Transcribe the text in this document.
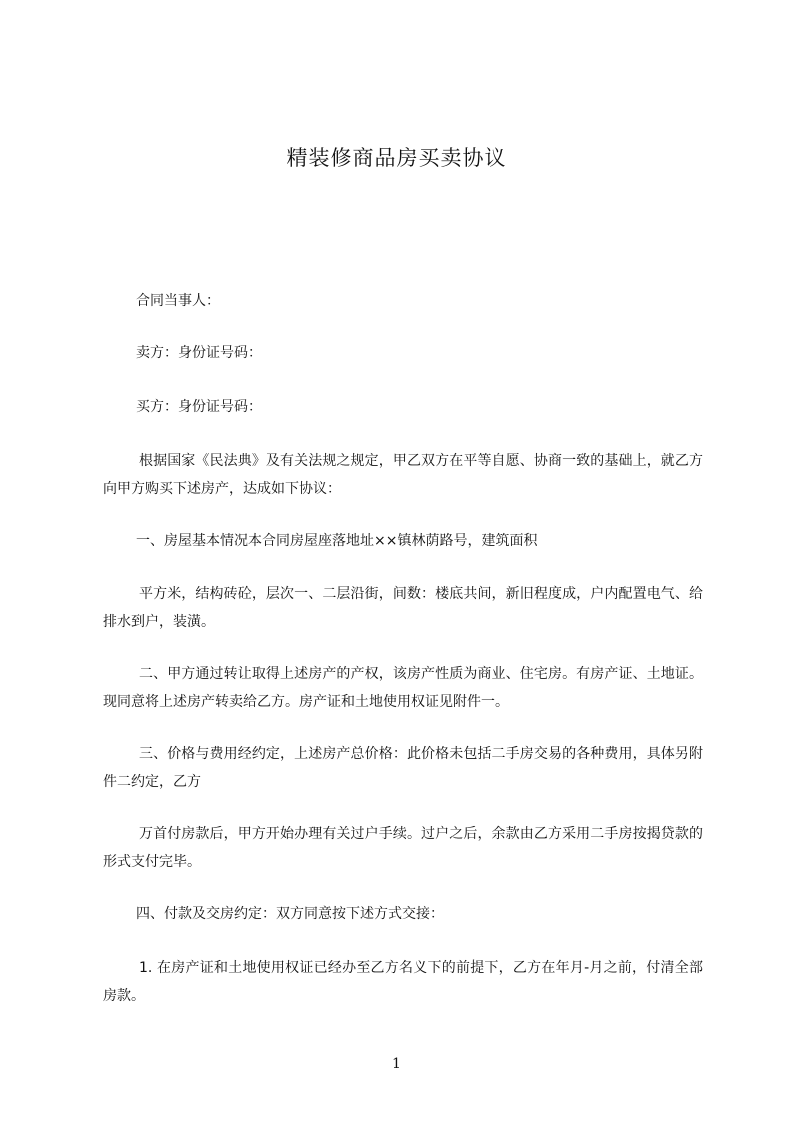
精装修商品房买卖协议

合同当事人：

卖方：身份证号码：

买方：身份证号码：

根据国家《民法典》及有关法规之规定，甲乙双方在平等自愿、协商一致的基础上，就乙方向甲方购买下述房产，达成如下协议：

一、房屋基本情况本合同房屋座落地址××镇林荫路号，建筑面积

平方米，结构砖砼，层次一、二层沿街，间数：楼底共间，新旧程度成，户内配置电气、给排水到户，装潢。

二、甲方通过转让取得上述房产的产权，该房产性质为商业、住宅房。有房产证、土地证。现同意将上述房产转卖给乙方。房产证和土地使用权证见附件一。

三、价格与费用经约定，上述房产总价格：此价格未包括二手房交易的各种费用，具体另附件二约定，乙方

万首付房款后，甲方开始办理有关过户手续。过户之后，余款由乙方采用二手房按揭贷款的形式支付完毕。

四、付款及交房约定：双方同意按下述方式交接：

1. 在房产证和土地使用权证已经办至乙方名义下的前提下，乙方在年月-月之前，付清全部房款。

1
